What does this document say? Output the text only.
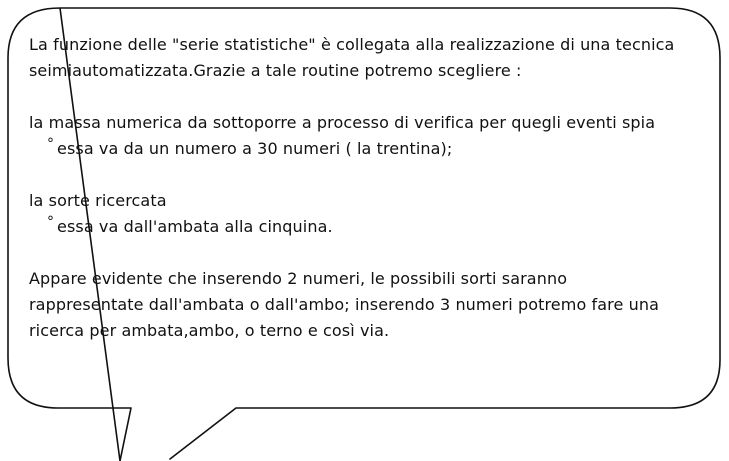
La funzione delle "serie statistiche" è collegata alla realizzazione di una tecnica
seimiautomatizzata.Grazie a tale routine potremo scegliere :
la massa numerica da sottoporre a processo di verifica per quegli eventi spia
° essa va da un numero a 30 numeri ( la trentina);
la sorte ricercata
° essa va dall'ambata alla cinquina.
Appare evidente che inserendo 2 numeri, le possibili sorti saranno
rappresentate dall'ambata o dall'ambo; inserendo 3 numeri potremo fare una
ricerca per ambata,ambo, o terno e così via.
